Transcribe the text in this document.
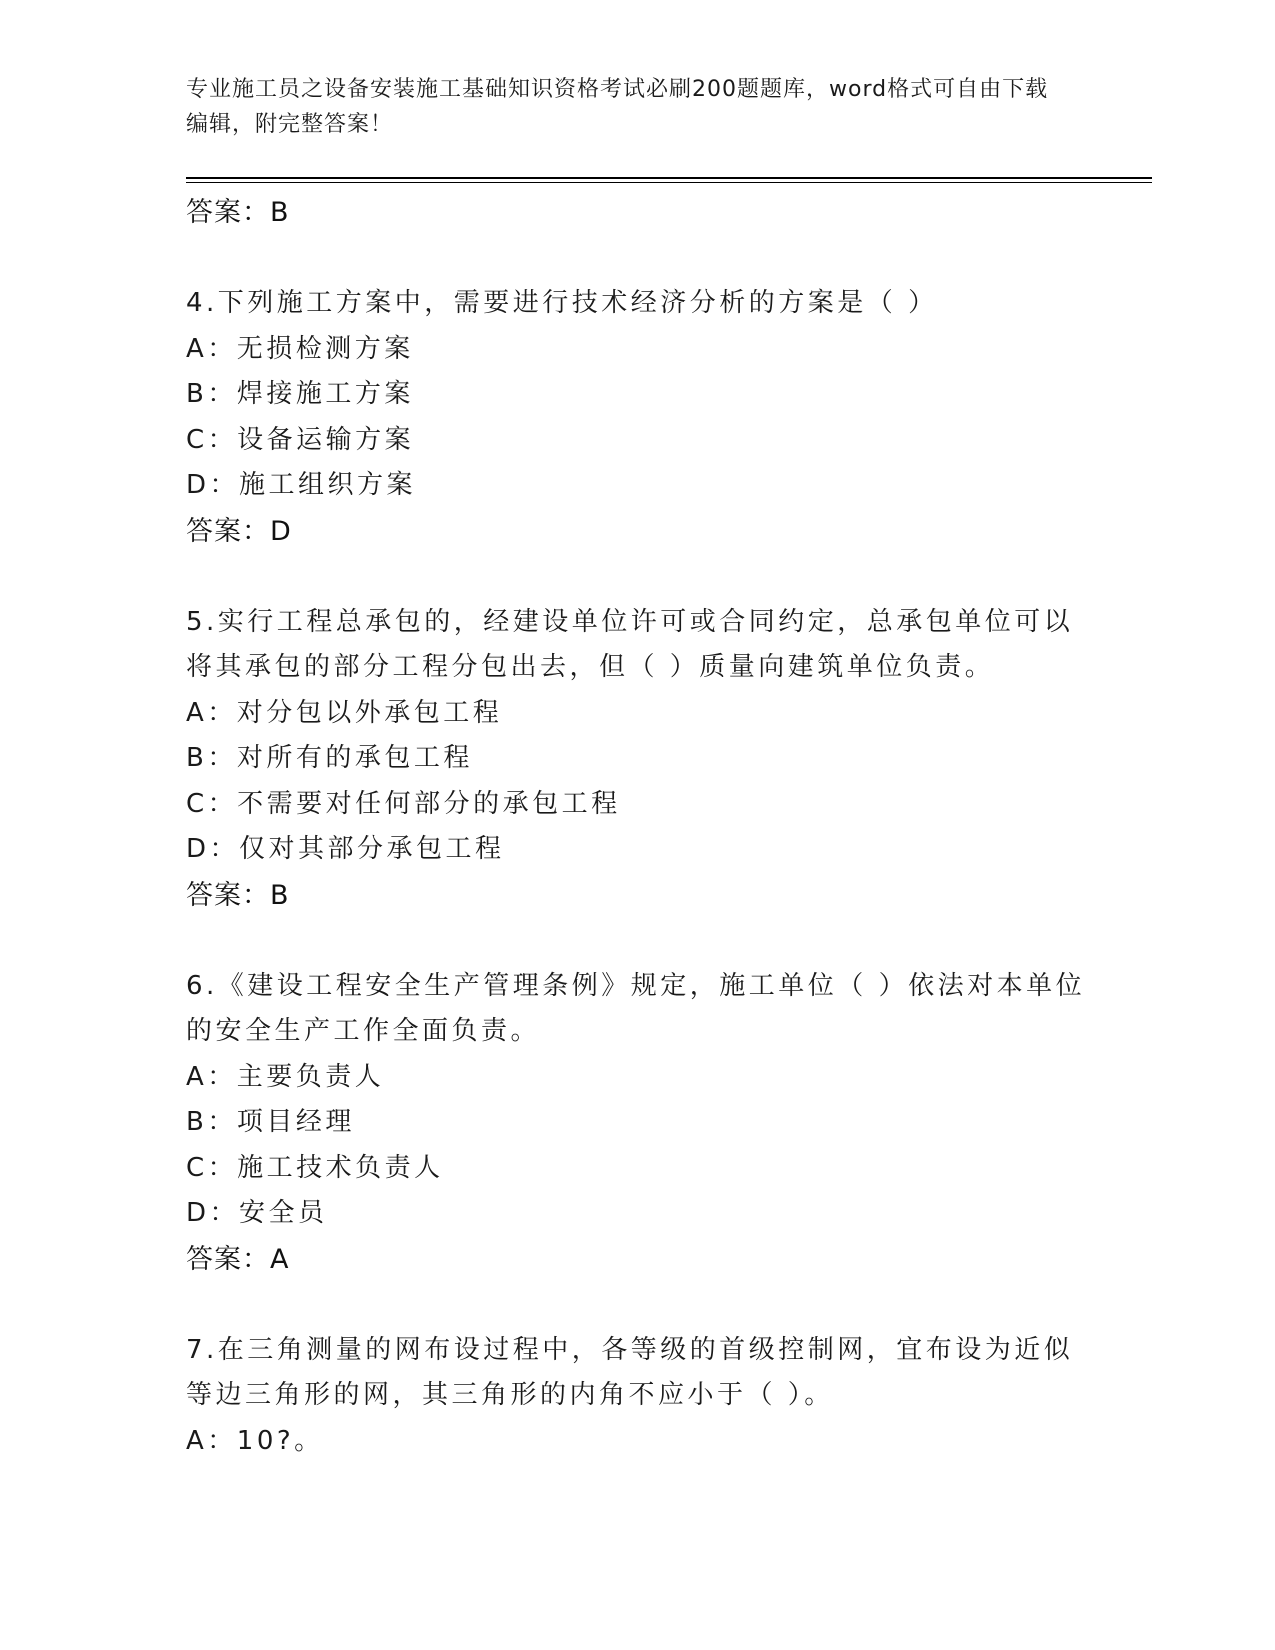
专业施工员之设备安装施工基础知识资格考试必刷200题题库，word格式可自由下载编辑，附完整答案！
答案：B
4.下列施工方案中，需要进行技术经济分析的方案是（ ）
A：无损检测方案
B：焊接施工方案
C：设备运输方案
D：施工组织方案
答案：D
5.实行工程总承包的，经建设单位许可或合同约定，总承包单位可以将其承包的部分工程分包出去，但（ ）质量向建筑单位负责。
A：对分包以外承包工程
B：对所有的承包工程
C：不需要对任何部分的承包工程
D：仅对其部分承包工程
答案：B
6.《建设工程安全生产管理条例》规定，施工单位（ ）依法对本单位的安全生产工作全面负责。
A：主要负责人
B：项目经理
C：施工技术负责人
D：安全员
答案：A
7.在三角测量的网布设过程中，各等级的首级控制网，宜布设为近似等边三角形的网，其三角形的内角不应小于（ ）。
A：10?。
